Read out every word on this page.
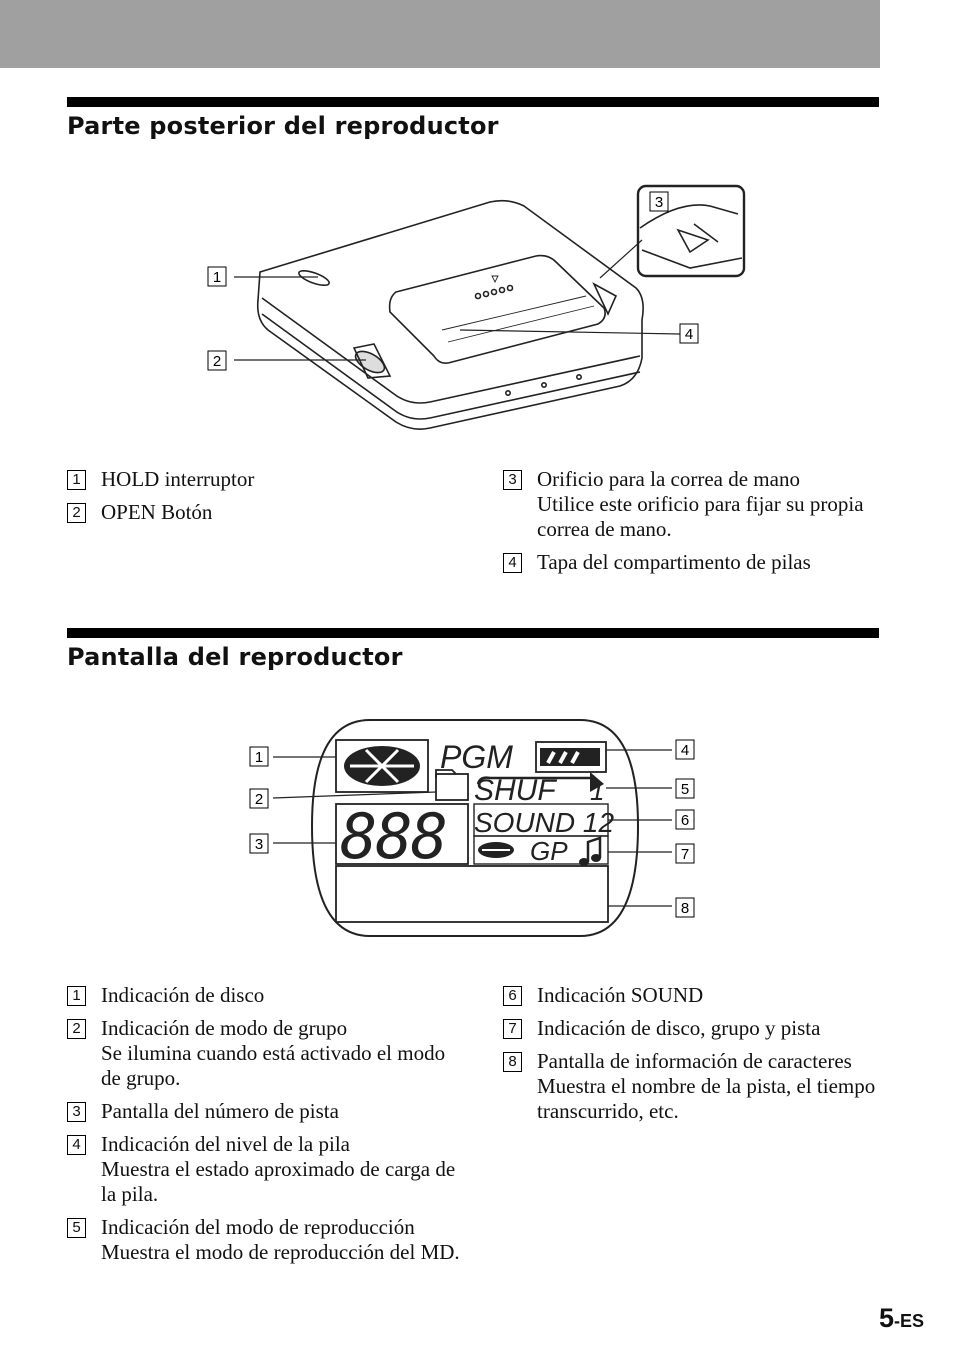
Parte posterior del reproductor
1
2
3
4
1 HOLD interruptor
2 OPEN Botón
3 Orificio para la correa de mano
Utilice este orificio para fijar su propia correa de mano.
4 Tapa del compartimento de pilas
Pantalla del reproductor
PGM
SHUF 1
SOUND 12
GP
888
1
2
3
4
5
6
7
8
1 Indicación de disco
2 Indicación de modo de grupo
Se ilumina cuando está activado el modo de grupo.
3 Pantalla del número de pista
4 Indicación del nivel de la pila
Muestra el estado aproximado de carga de la pila.
5 Indicación del modo de reproducción
Muestra el modo de reproducción del MD.
6 Indicación SOUND
7 Indicación de disco, grupo y pista
8 Pantalla de información de caracteres
Muestra el nombre de la pista, el tiempo transcurrido, etc.
5-ES
